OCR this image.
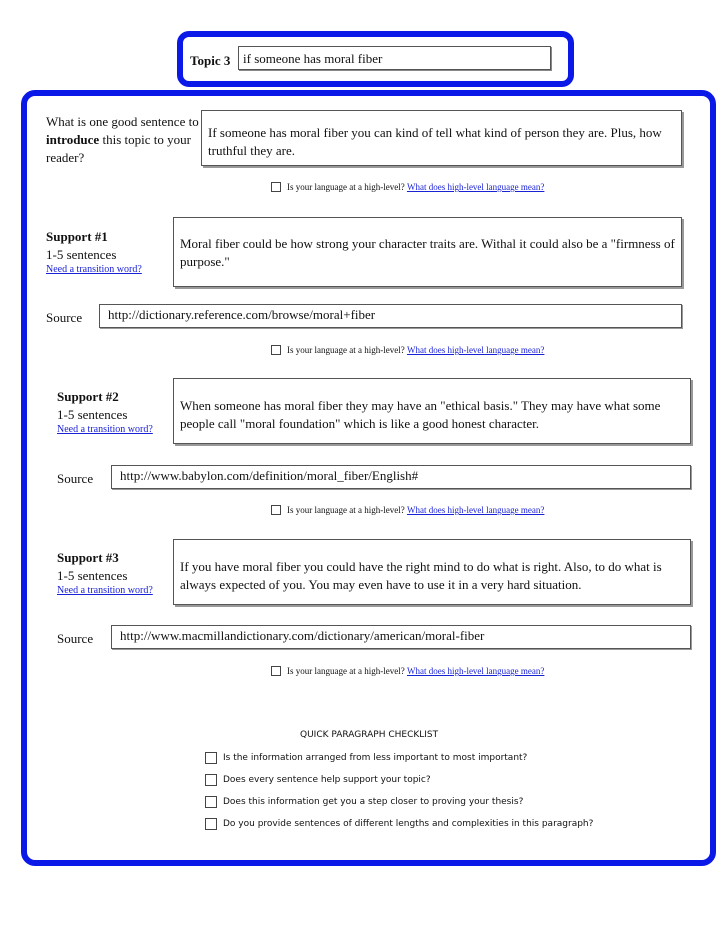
Topic 3 if someone has moral fiber
What is one good sentence to introduce this topic to your reader?
If someone has moral fiber you can kind of tell what kind of person they are. Plus, how truthful they are.
Is your language at a high-level?
What does high-level language mean?
Support #1
1-5 sentences
Need a transition word?
Moral fiber could be how strong your character traits are. Withal it could also be a "firmness of purpose."
Source	http://dictionary.reference.com/browse/moral+fiber
Is your language at a high-level?
What does high-level language mean?
Support #2
1-5 sentences
Need a transition word?
When someone has moral fiber they may have an "ethical basis." They may have what some people call "moral foundation" which is like a good honest character.
Source	http://www.babylon.com/definition/moral_fiber/English#
Is your language at a high-level?
What does high-level language mean?
Support #3
1-5 sentences
Need a transition word?
If you have moral fiber you could have the right mind to do what is right. Also, to do what is always expected of you. You may even have to use it in a very hard situation.
Source	http://www.macmillandictionary.com/dictionary/american/moral-fiber
Is your language at a high-level?
What does high-level language mean?
QUICK PARAGRAPH CHECKLIST
Is the information arranged from less important to most important?
Does every sentence help support your topic?
Does this information get you a step closer to proving your thesis?
Do you provide sentences of different lengths and complexities in this paragraph?
